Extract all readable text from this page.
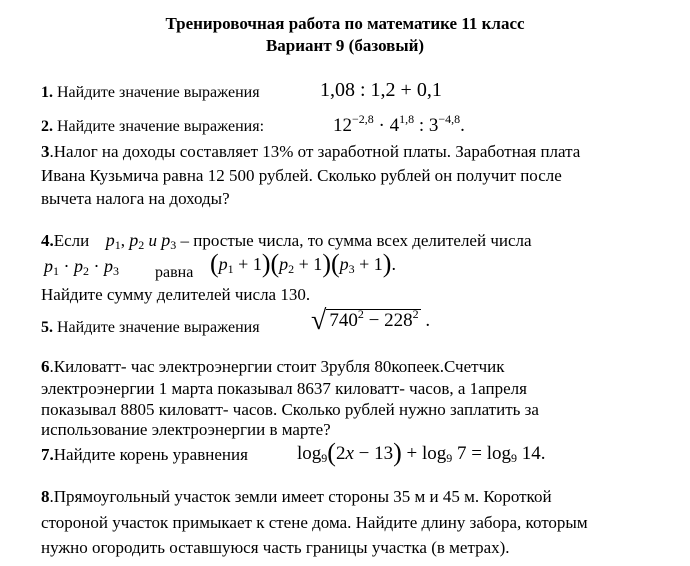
Тренировочная работа по математике 11 класс
Вариант 9 (базовый)
1. Найдите значение выражения	1,08 : 1,2 + 0,1
2. Найдите значение выражения:	$12^{-2,8} \cdot 4^{1,8}$ : $3^{-4,8}$.
3.Налог на доходы составляет 13% от заработной платы. Заработная плата
Ивана Кузьмича равна 12 500 рублей. Сколько рублей он получит после
вычета налога на доходы?
4.Если $p_1$, $p_2$ и $p_3$ – простые числа, то сумма всех делителей числа
$p_1 \cdot p_2 \cdot p_3$ равна $(p_1 + 1)(p_2 + 1)(p_3 + 1)$.
Найдите сумму делителей числа 130.
5. Найдите значение выражения √ $740^2 - 228^2$ .
6.Киловатт- час электроэнергии стоит 3рубля 80копеек.Счетчик
электроэнергии 1 марта показывал 8637 киловатт- часов, а 1апреля
показывал 8805 киловатт- часов. Сколько рублей нужно заплатить за
использование электроэнергии в марте?
7.Найдите корень уравнения	$\log_9(2x - 13) + \log_9 7 = \log_9 14$.
8.Прямоугольный участок земли имеет стороны 35 м и 45 м. Короткой
стороной участок примыкает к стене дома. Найдите длину забора, которым
нужно огородить оставшуюся часть границы участка (в метрах).
